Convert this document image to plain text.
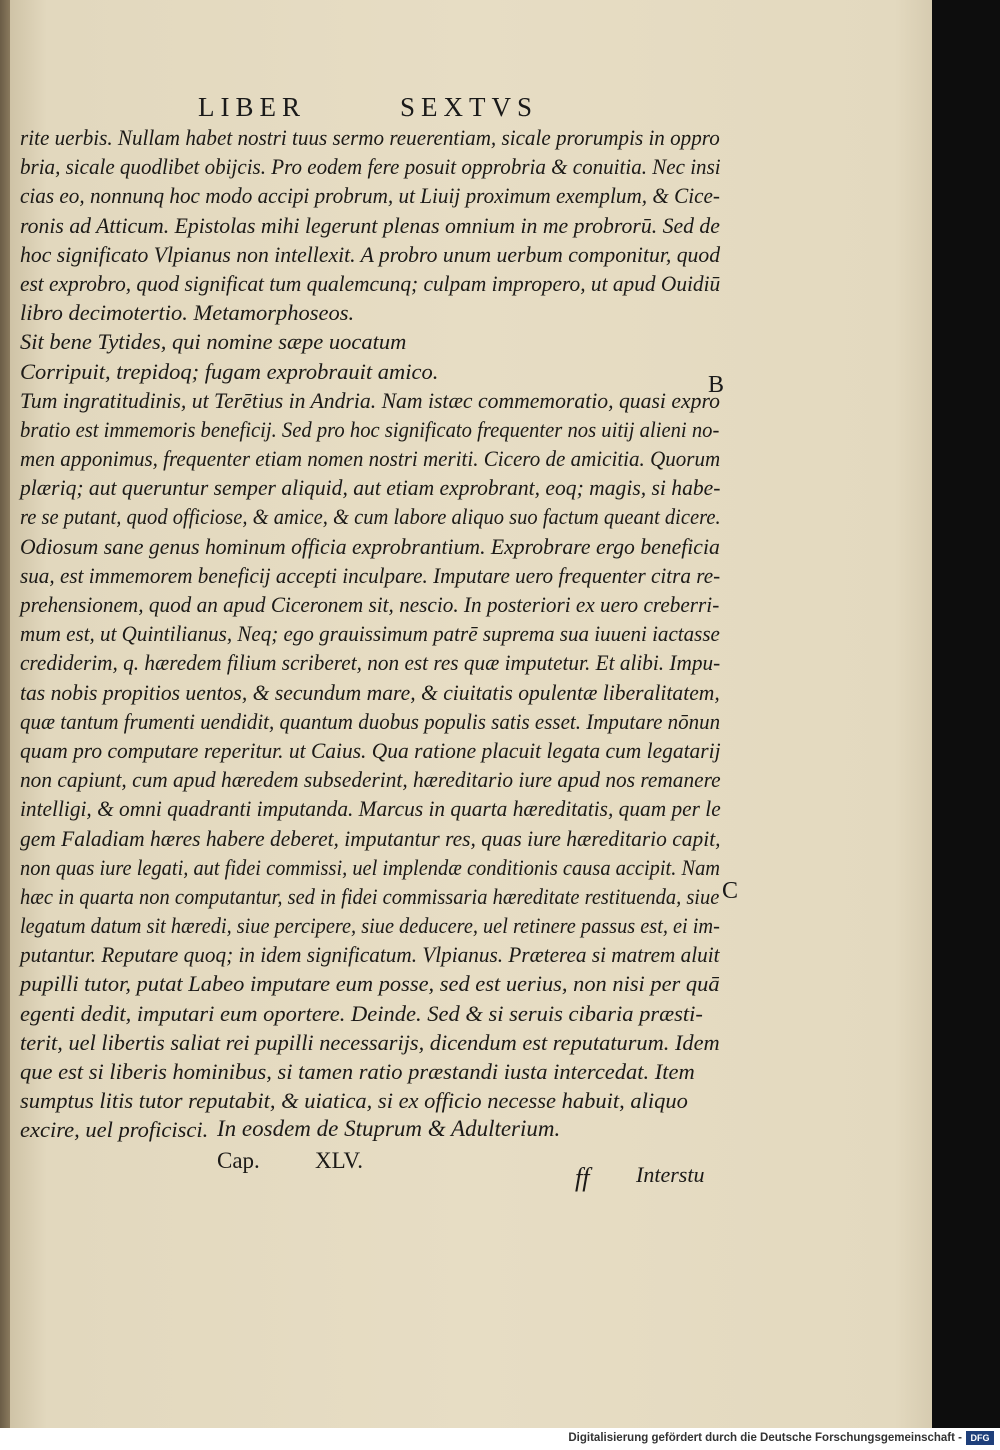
LIBER	SEXTVS
rite uerbis. Nullam habet nostri tuus sermo reuerentiam, sicale prorumpis in oppro
bria, sicale quodlibet obijcis. Pro eodem fere posuit opprobria & conuitia. Nec insi
cias eo, nonnunq hoc modo accipi probrum, ut Liuij proximum exemplum, & Cice-
ronis ad Atticum. Epistolas mihi legerunt plenas omnium in me probrorū. Sed de
hoc significato Vlpianus non intellexit. A probro unum uerbum componitur, quod
est exprobro, quod significat tum qualemcunq; culpam impropero, ut apud Ouidiū
libro decimotertio. Metamorphoseos.
Sit bene Tytides, qui nomine sæpe uocatum
Corripuit, trepidoq; fugam exprobrauit amico.
Tum ingratitudinis, ut Terētius in Andria. Nam istæc commemoratio, quasi expro
bratio est immemoris beneficij. Sed pro hoc significato frequenter nos uitij alieni no-
men apponimus, frequenter etiam nomen nostri meriti. Cicero de amicitia. Quorum
plæriq; aut queruntur semper aliquid, aut etiam exprobrant, eoq; magis, si habe-
re se putant, quod officiose, & amice, & cum labore aliquo suo factum queant dicere.
Odiosum sane genus hominum officia exprobrantium. Exprobrare ergo beneficia
sua, est immemorem beneficij accepti inculpare. Imputare uero frequenter citra re-
prehensionem, quod an apud Ciceronem sit, nescio. In posteriori ex uero creberri-
mum est, ut Quintilianus, Neq; ego grauissimum patrē suprema sua iuueni iactasse
crediderim, q. hæredem filium scriberet, non est res quæ imputetur. Et alibi. Impu-
tas nobis propitios uentos, & secundum mare, & ciuitatis opulentæ liberalitatem,
quæ tantum frumenti uendidit, quantum duobus populis satis esset. Imputare nōnun
quam pro computare reperitur. ut Caius. Qua ratione placuit legata cum legatarij
non capiunt, cum apud hæredem subsederint, hæreditario iure apud nos remanere
intelligi, & omni quadranti imputanda. Marcus in quarta hæreditatis, quam per le
gem Faladiam hæres habere deberet, imputantur res, quas iure hæreditario capit,
non quas iure legati, aut fidei commissi, uel implendæ conditionis causa accipit. Nam
hæc in quarta non computantur, sed in fidei commissaria hæreditate restituenda, siue
legatum datum sit hæredi, siue percipere, siue deducere, uel retinere passus est, ei im-
putantur. Reputare quoq; in idem significatum. Vlpianus. Præterea si matrem aluit
pupilli tutor, putat Labeo imputare eum posse, sed est uerius, non nisi per quā
egenti dedit, imputari eum oportere. Deinde. Sed & si seruis cibaria præsti-
terit, uel libertis saliat rei pupilli necessarijs, dicendum est reputaturum. Idem
que est si liberis hominibus, si tamen ratio præstandi iusta intercedat. Item
sumptus litis tutor reputabit, & uiatica, si ex officio necesse habuit, aliquo
excire, uel proficisci.
B
C
In eosdem de Stuprum & Adulterium.
Cap. XLV.
ff Interstu
Digitalisierung gefördert durch die Deutsche Forschungsgemeinschaft - DFG
